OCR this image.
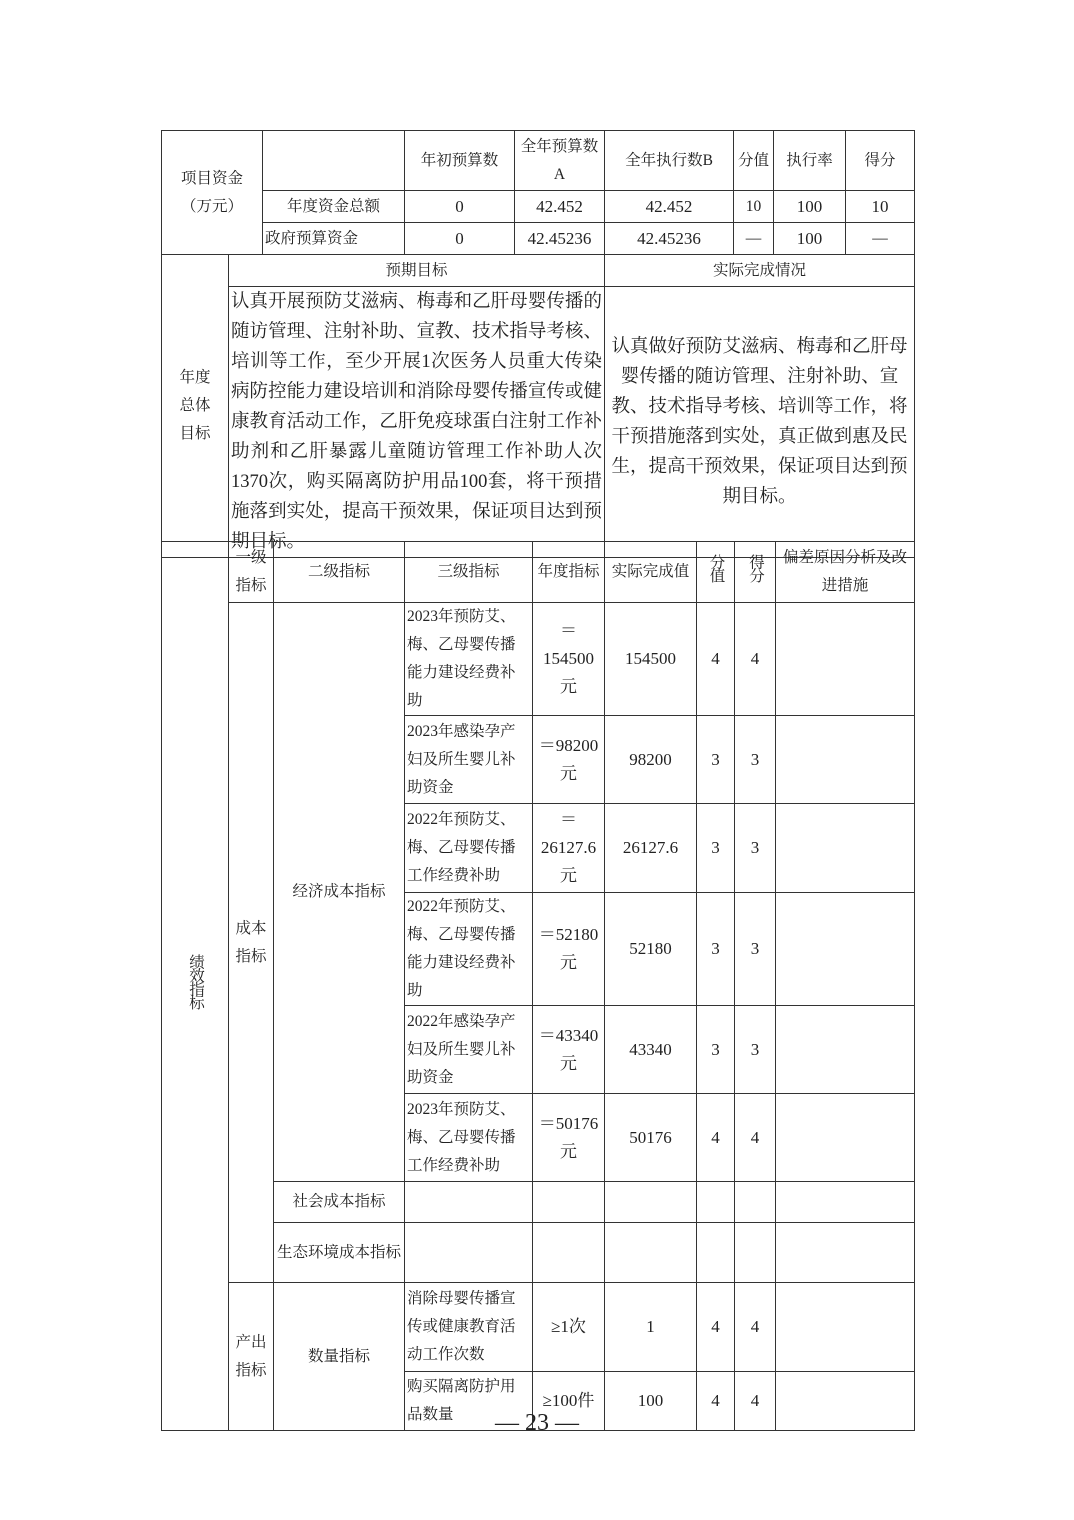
项目资金（万元）		年初预算数	全年预算数A	全年执行数B	分值	执行率	得分
	年度资金总额	0	42.452	42.452	10	100	10
	政府预算资金	0	42.45236	42.45236	—	100	—
年度总体目标	预期目标	实际完成情况
	认真开展预防艾滋病、梅毒和乙肝母婴传播的随访管理、注射补助、宣教、技术指导考核、培训等工作，至少开展1次医务人员重大传染病防控能力建设培训和消除母婴传播宣传或健康教育活动工作，乙肝免疫球蛋白注射工作补助剂和乙肝暴露儿童随访管理工作补助人次1370次，购买隔离防护用品100套，将干预措施落到实处，提高干预效果，保证项目达到预期目标。	认真做好预防艾滋病、梅毒和乙肝母婴传播的随访管理、注射补助、宣教、技术指导考核、培训等工作，将干预措施落到实处，真正做到惠及民生，提高干预效果，保证项目达到预期目标。
绩效指标	一级指标	二级指标	三级指标	年度指标	实际完成值	分值	得分	偏差原因分析及改进措施
	成本指标	经济成本指标	2023年预防艾、梅、乙母婴传播能力建设经费补助	＝154500元	154500	4	4	
			2023年感染孕产妇及所生婴儿补助资金	＝98200元	98200	3	3	
			2022年预防艾、梅、乙母婴传播工作经费补助	＝26127.6元	26127.6	3	3	
			2022年预防艾、梅、乙母婴传播能力建设经费补助	＝52180元	52180	3	3	
			2022年感染孕产妇及所生婴儿补助资金	＝43340元	43340	3	3	
			2023年预防艾、梅、乙母婴传播工作经费补助	＝50176元	50176	4	4	
		社会成本指标						
		生态环境成本指标						
	产出指标	数量指标	消除母婴传播宣传或健康教育活动工作次数	≥1次	1	4	4	
			购买隔离防护用品数量	≥100件	100	4	4	
— 23 —
